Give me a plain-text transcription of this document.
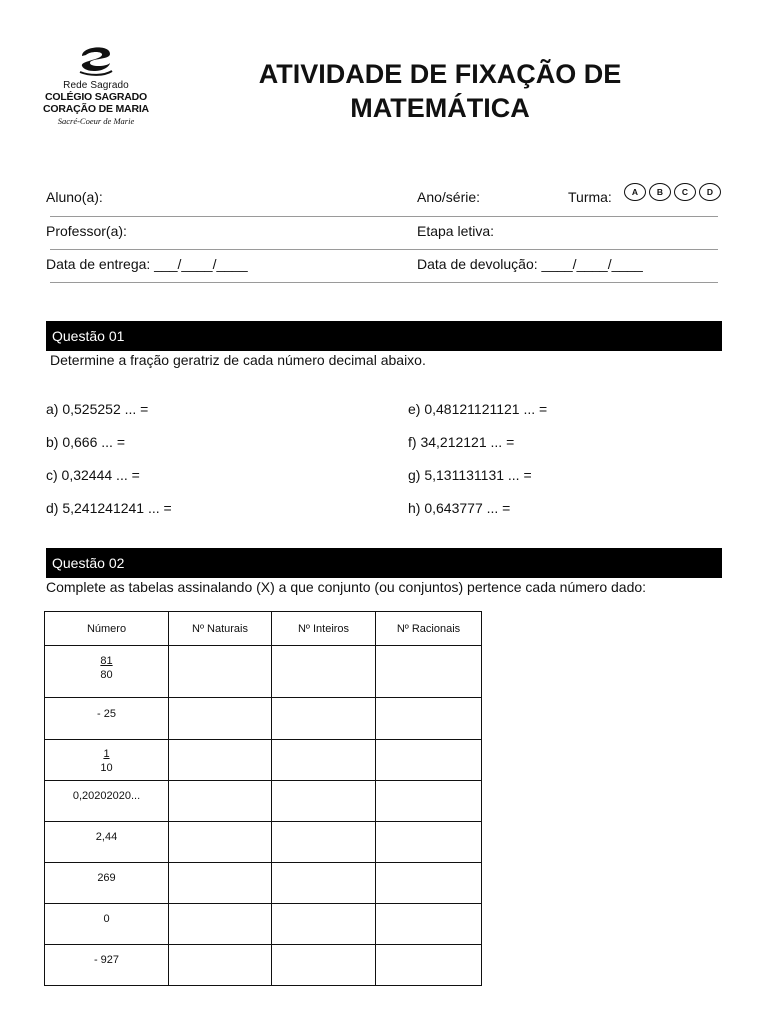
Rede Sagrado
COLÉGIO SAGRADO
CORAÇÃO DE MARIA
Sacré-Coeur de Marie
ATIVIDADE DE FIXAÇÃO DE
MATEMÁTICA
Aluno(a):	Ano/série:	Turma:	A	B	C	D
Professor(a):	Etapa letiva:
Data de entrega: ___/____/____	Data de devolução: ____/____/____
Questão 01
Determine a fração geratriz de cada número decimal abaixo.
a) 0,525252 ... =
b) 0,666 ... =
c) 0,32444 ... =
d) 5,241241241 ... =
e) 0,48121121121 ... =
f) 34,212121 ... =
g) 5,131131131 ... =
h) 0,643777 ... =
Questão 02
Complete as tabelas assinalando (X) a que conjunto (ou conjuntos) pertence cada número dado:
Número	Nº Naturais	Nº Inteiros	Nº Racionais

$\frac{81}{80}$

- 25			

$\frac{1}{10}$

0,20202020...			
2,44			
269			
0			
- 927			
